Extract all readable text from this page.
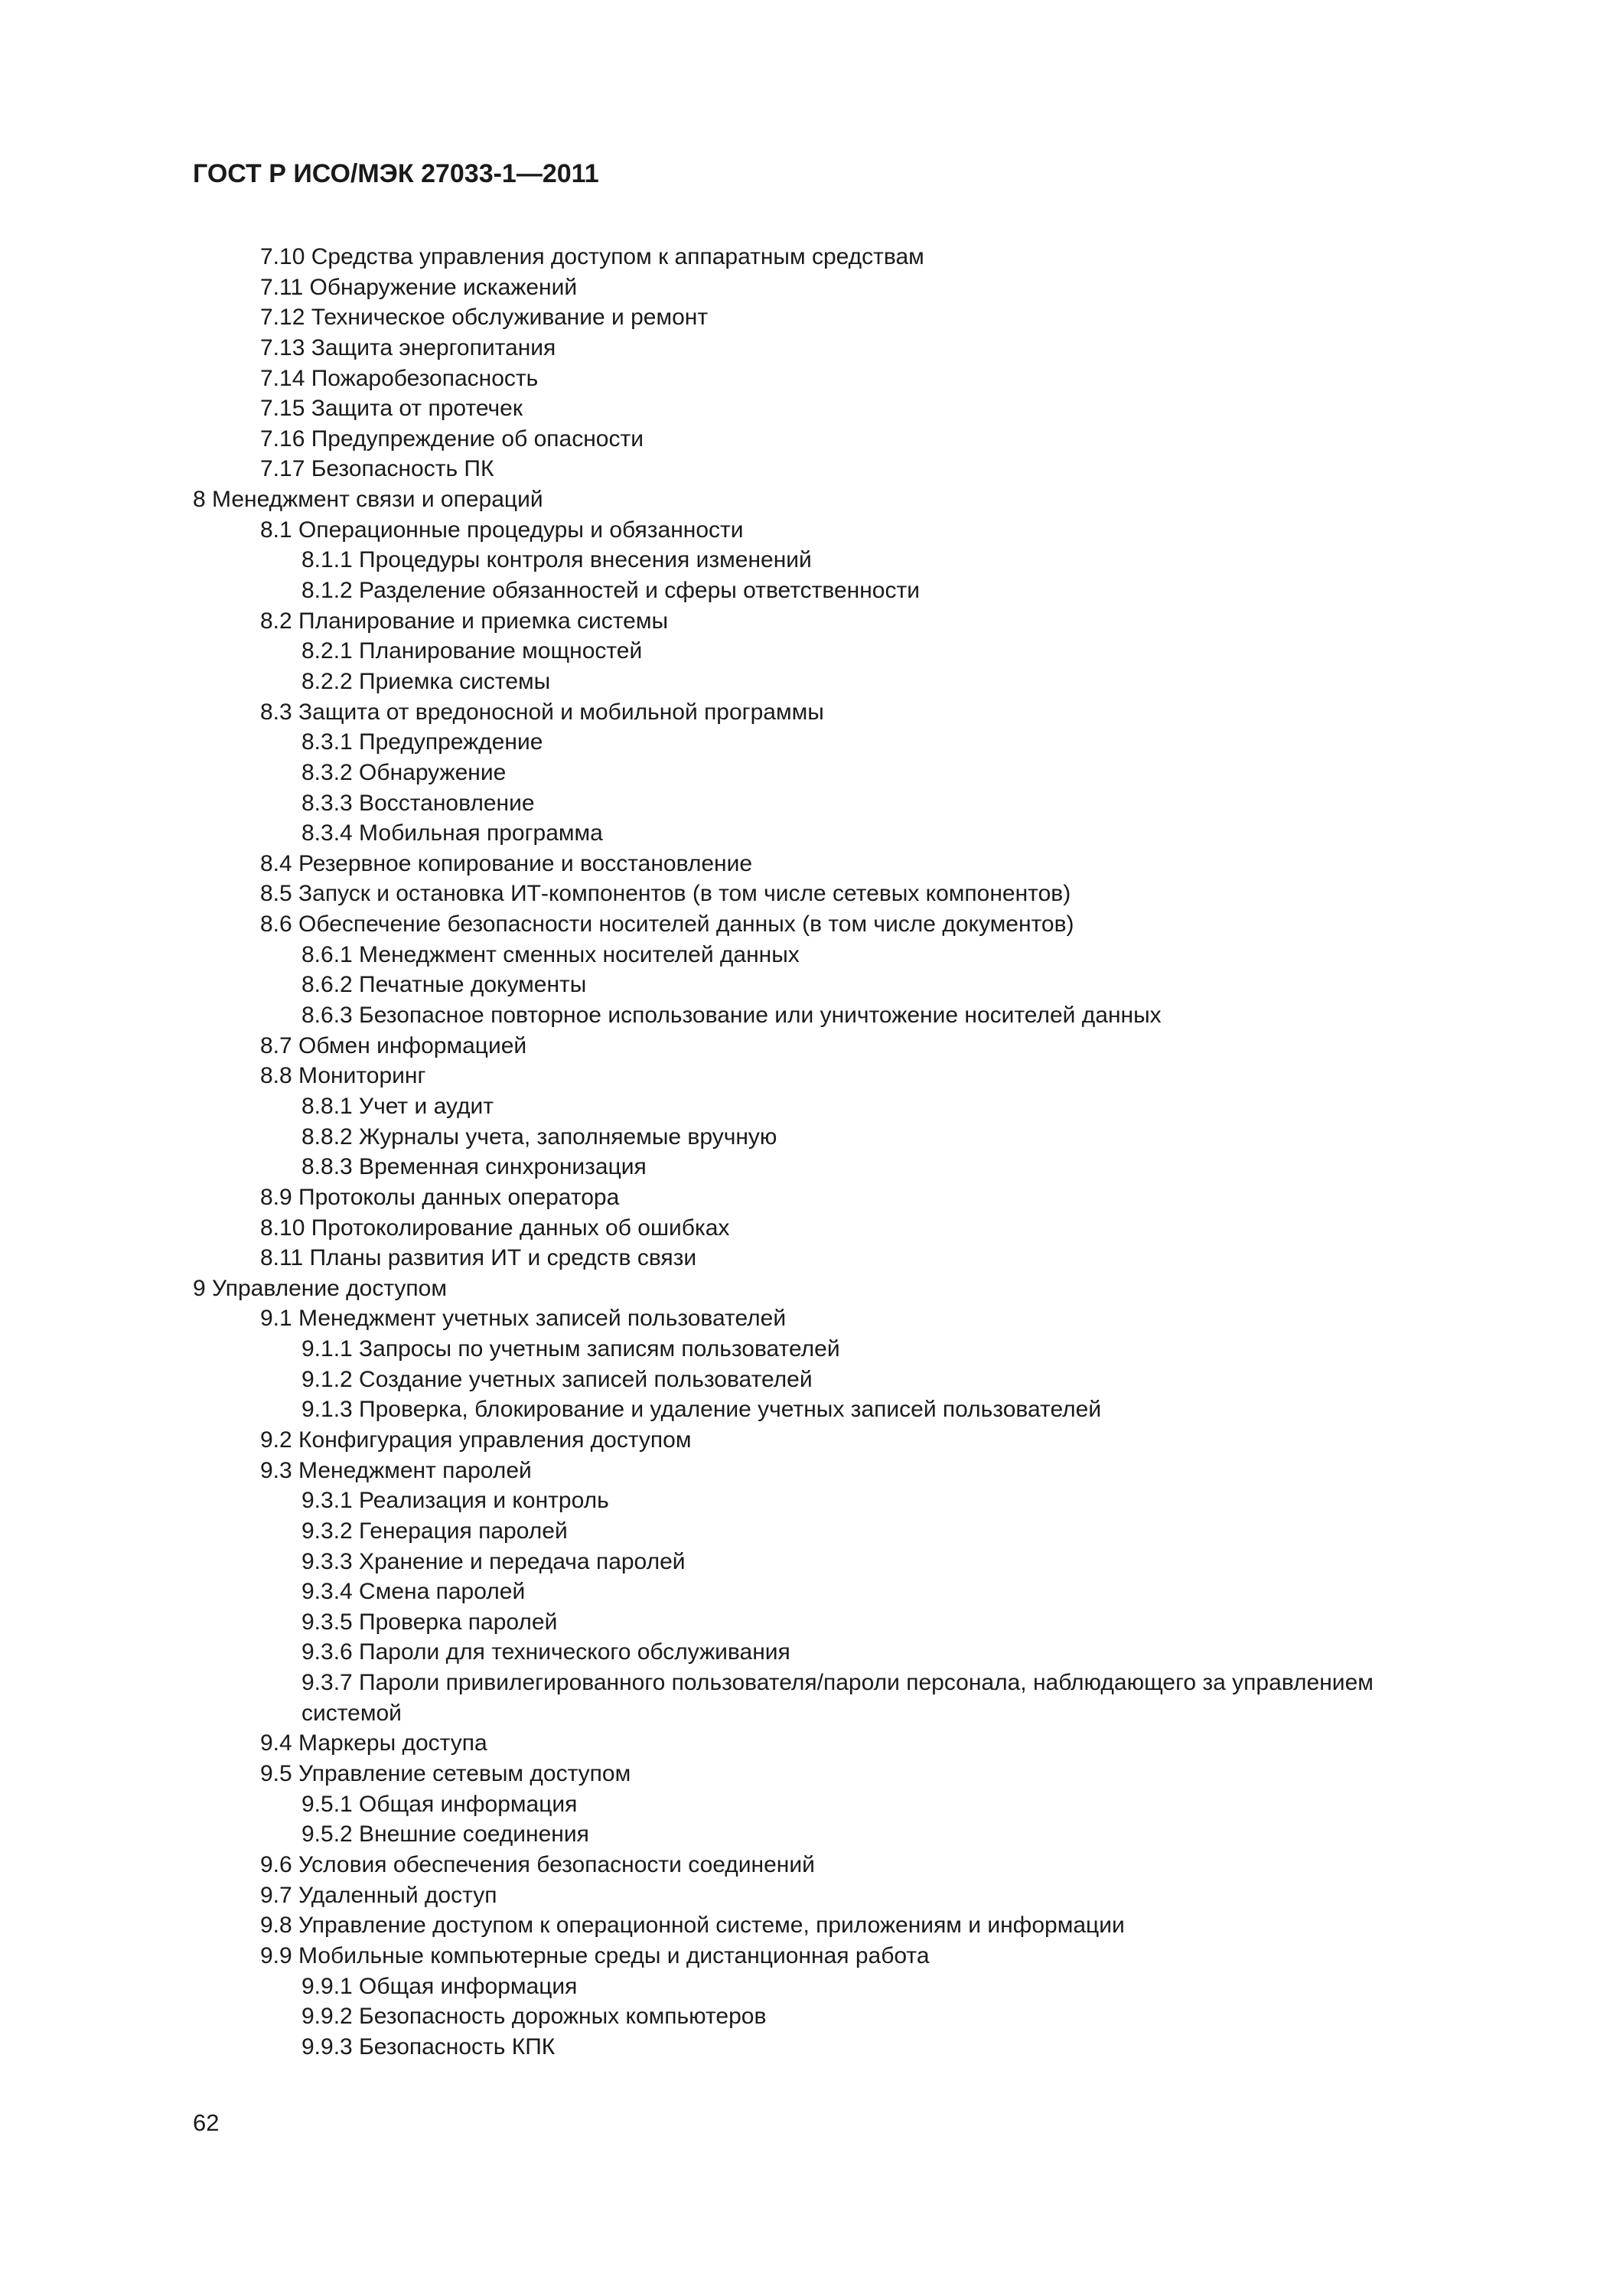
ГОСТ Р ИСО/МЭК 27033-1—2011
7.10 Средства управления доступом к аппаратным средствам
7.11 Обнаружение искажений
7.12 Техническое обслуживание и ремонт
7.13 Защита энергопитания
7.14 Пожаробезопасность
7.15 Защита от протечек
7.16 Предупреждение об опасности
7.17 Безопасность ПК
8 Менеджмент связи и операций
8.1 Операционные процедуры и обязанности
8.1.1 Процедуры контроля внесения изменений
8.1.2 Разделение обязанностей и сферы ответственности
8.2 Планирование и приемка системы
8.2.1 Планирование мощностей
8.2.2 Приемка системы
8.3 Защита от вредоносной и мобильной программы
8.3.1 Предупреждение
8.3.2 Обнаружение
8.3.3 Восстановление
8.3.4 Мобильная программа
8.4 Резервное копирование и восстановление
8.5 Запуск и остановка ИТ-компонентов (в том числе сетевых компонентов)
8.6 Обеспечение безопасности носителей данных (в том числе документов)
8.6.1 Менеджмент сменных носителей данных
8.6.2 Печатные документы
8.6.3 Безопасное повторное использование или уничтожение носителей данных
8.7 Обмен информацией
8.8 Мониторинг
8.8.1 Учет и аудит
8.8.2 Журналы учета, заполняемые вручную
8.8.3 Временная синхронизация
8.9 Протоколы данных оператора
8.10 Протоколирование данных об ошибках
8.11 Планы развития ИТ и средств связи
9 Управление доступом
9.1 Менеджмент учетных записей пользователей
9.1.1 Запросы по учетным записям пользователей
9.1.2 Создание учетных записей пользователей
9.1.3 Проверка, блокирование и удаление учетных записей пользователей
9.2 Конфигурация управления доступом
9.3 Менеджмент паролей
9.3.1 Реализация и контроль
9.3.2 Генерация паролей
9.3.3 Хранение и передача паролей
9.3.4 Смена паролей
9.3.5 Проверка паролей
9.3.6 Пароли для технического обслуживания
9.3.7 Пароли привилегированного пользователя/пароли персонала, наблюдающего за управлением
системой
9.4 Маркеры доступа
9.5 Управление сетевым доступом
9.5.1 Общая информация
9.5.2 Внешние соединения
9.6 Условия обеспечения безопасности соединений
9.7 Удаленный доступ
9.8 Управление доступом к операционной системе, приложениям и информации
9.9 Мобильные компьютерные среды и дистанционная работа
9.9.1 Общая информация
9.9.2 Безопасность дорожных компьютеров
9.9.3 Безопасность КПК
62
